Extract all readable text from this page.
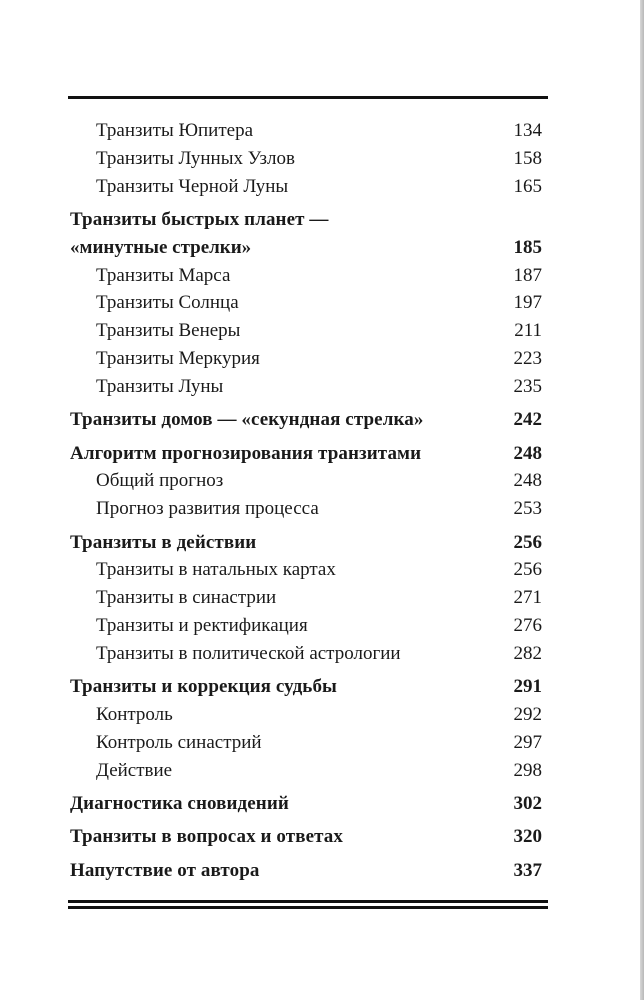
Транзиты Юпитера	134
Транзиты Лунных Узлов	158
Транзиты Черной Луны	165
Транзиты быстрых планет —
«минутные стрелки»	185
Транзиты Марса	187
Транзиты Солнца	197
Транзиты Венеры	211
Транзиты Меркурия	223
Транзиты Луны	235
Транзиты домов — «секундная стрелка»	242
Алгоритм прогнозирования транзитами	248
Общий прогноз	248
Прогноз развития процесса	253
Транзиты в действии	256
Транзиты в натальных картах	256
Транзиты в синастрии	271
Транзиты и ректификация	276
Транзиты в политической астрологии	282
Транзиты и коррекция судьбы	291
Контроль	292
Контроль синастрий	297
Действие	298
Диагностика сновидений	302
Транзиты в вопросах и ответах	320
Напутствие от автора	337
